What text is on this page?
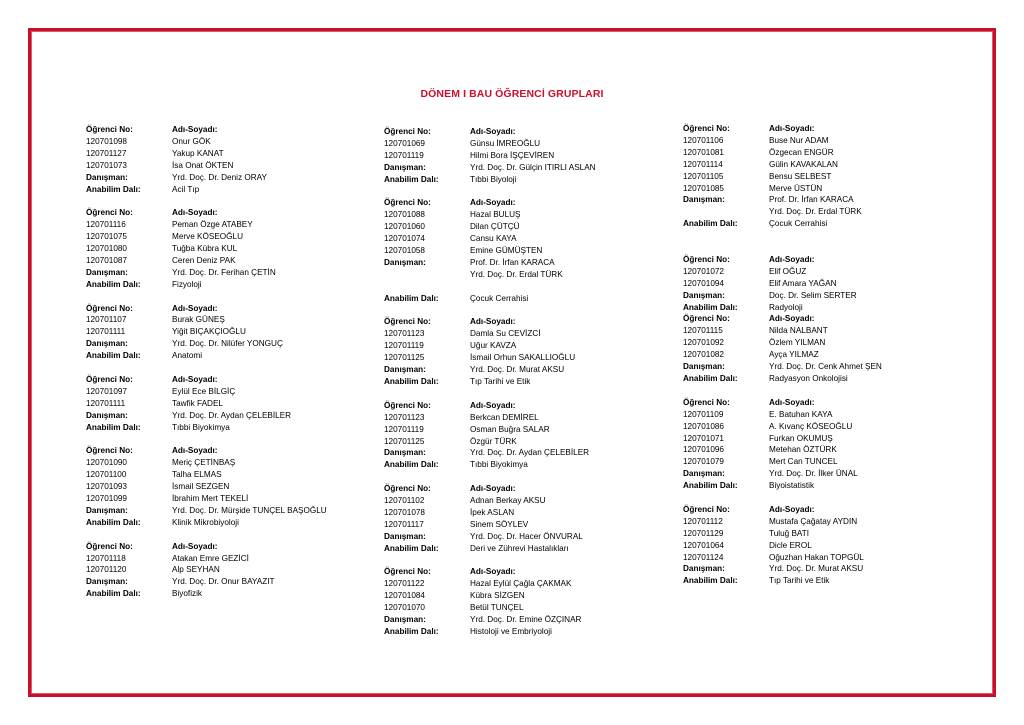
DÖNEM I BAU ÖĞRENCİ GRUPLARI
Öğrenci No:	Adı-Soyadı:
120701098	Onur GÖK
120701127	Yakup KANAT
120701073	İsa Onat ÖKTEN
Danışman:	Yrd. Doç. Dr. Deniz ORAY
Anabilim Dalı:	Acil Tıp
Öğrenci No:	Adı-Soyadı:
120701116	Peman Özge ATABEY
120701075	Merve KÖSEOĞLU
120701080	Tuğba Kübra KUL
120701087	Ceren Deniz PAK
Danışman:	Yrd. Doç. Dr. Ferihan ÇETİN
Anabilim Dalı:	Fizyoloji
Öğrenci No:	Adı-Soyadı:
120701107	Burak GÜNEŞ
120701111	Yiğit BIÇAKÇIOĞLU
Danışman:	Yrd. Doç. Dr. Nilüfer YONGUÇ
Anabilim Dalı:	Anatomi
Öğrenci No:	Adı-Soyadı:
120701097	Eylül Ece BİLGİÇ
120701111	Tawfik FADEL
Danışman:	Yrd. Doç. Dr. Aydan ÇELEBİLER
Anabilim Dalı:	Tıbbi Biyokimya
Öğrenci No:	Adı-Soyadı:
120701090	Meriç ÇETİNBAŞ
120701100	Talha ELMAS
120701093	İsmail SEZGEN
120701099	İbrahim Mert TEKELİ
Danışman:	Yrd. Doç. Dr. Mürşide TUNÇEL BAŞOĞLU
Anabilim Dalı:	Klinik Mikrobiyoloji
Öğrenci No:	Adı-Soyadı:
120701118	Atakan Emre GEZİCİ
120701120	Alp SEYHAN
Danışman:	Yrd. Doç. Dr. Onur BAYAZIT
Anabilim Dalı:	Biyofizik
Öğrenci No:	Adı-Soyadı:
120701069	Günsu İMREOĞLU
120701119	Hilmi Bora İŞÇEVİREN
Danışman:	Yrd. Doç. Dr. Gülçin ITIRLI ASLAN
Anabilim Dalı:	Tıbbi Biyoloji
Öğrenci No:	Adı-Soyadı:
120701088	Hazal BULUŞ
120701060	Dilan ÇÜTÇÜ
120701074	Cansu KAYA
120701058	Emine GÜMÜŞTEN
Danışman:	Prof. Dr. İrfan KARACA
Yrd. Doç. Dr. Erdal TÜRK
Anabilim Dalı:	Çocuk Cerrahisi
Öğrenci No:	Adı-Soyadı:
120701123	Damla Su CEVİZCİ
120701119	Uğur KAVZA
120701125	İsmail Orhun SAKALLIOĞLU
Danışman:	Yrd. Doç. Dr. Murat AKSU
Anabilim Dalı:	Tıp Tarihi ve Etik
Öğrenci No:	Adı-Soyadı:
120701123	Berkcan DEMİREL
120701119	Osman Buğra SALAR
120701125	Özgür TÜRK
Danışman:	Yrd. Doç. Dr. Aydan ÇELEBİLER
Anabilim Dalı:	Tıbbi Biyokimya
Öğrenci No:	Adı-Soyadı:
120701102	Adnan Berkay AKSU
120701078	İpek ASLAN
120701117	Sinem SÖYLEV
Danışman:	Yrd. Doç. Dr. Hacer ÖNVURAL
Anabilim Dalı:	Deri ve Zührevi Hastalıkları
Öğrenci No:	Adı-Soyadı:
120701122	Hazal Eylül Çağla ÇAKMAK
120701084	Kübra SİZGEN
120701070	Betül TUNÇEL
Danışman:	Yrd. Doç. Dr. Emine ÖZÇINAR
Anabilim Dalı:	Histoloji ve Embriyoloji
Öğrenci No:	Adı-Soyadı:
120701106	Buse Nur ADAM
120701081	Özgecan ENGÜR
120701114	Gülin KAVAKALAN
120701105	Bensu SELBEST
120701085	Merve ÜSTÜN
Danışman:	Prof. Dr. İrfan KARACA
Yrd. Doç. Dr. Erdal TÜRK
Anabilim Dalı:	Çocuk Cerrahisi
Öğrenci No:	Adı-Soyadı:
120701072	Elif OĞUZ
120701094	Elif Amara YAĞAN
Danışman:	Doç. Dr. Selim SERTER
Anabilim Dalı:	Radyoloji
Öğrenci No:	Adı-Soyadı:
120701115	Nilda NALBANT
120701092	Özlem YILMAN
120701082	Ayça YILMAZ
Danışman:	Yrd. Doç. Dr. Cenk Ahmet ŞEN
Anabilim Dalı:	Radyasyon Onkolojisi
Öğrenci No:	Adı-Soyadı:
120701109	E. Batuhan KAYA
120701086	A. Kıvanç KÖSEOĞLU
120701071	Furkan OKUMUŞ
120701096	Metehan ÖZTÜRK
120701079	Mert Can TUNCEL
Danışman:	Yrd. Doç. Dr. İlker ÜNAL
Anabilim Dalı:	Biyoistatistik
Öğrenci No:	Adı-Soyadı:
120701112	Mustafa Çağatay AYDIN
120701129	Tuluğ BATI
120701064	Dicle EROL
120701124	Oğuzhan Hakan TOPGÜL
Danışman:	Yrd. Doç. Dr. Murat AKSU
Anabilim Dalı:	Tıp Tarihi ve Etik
